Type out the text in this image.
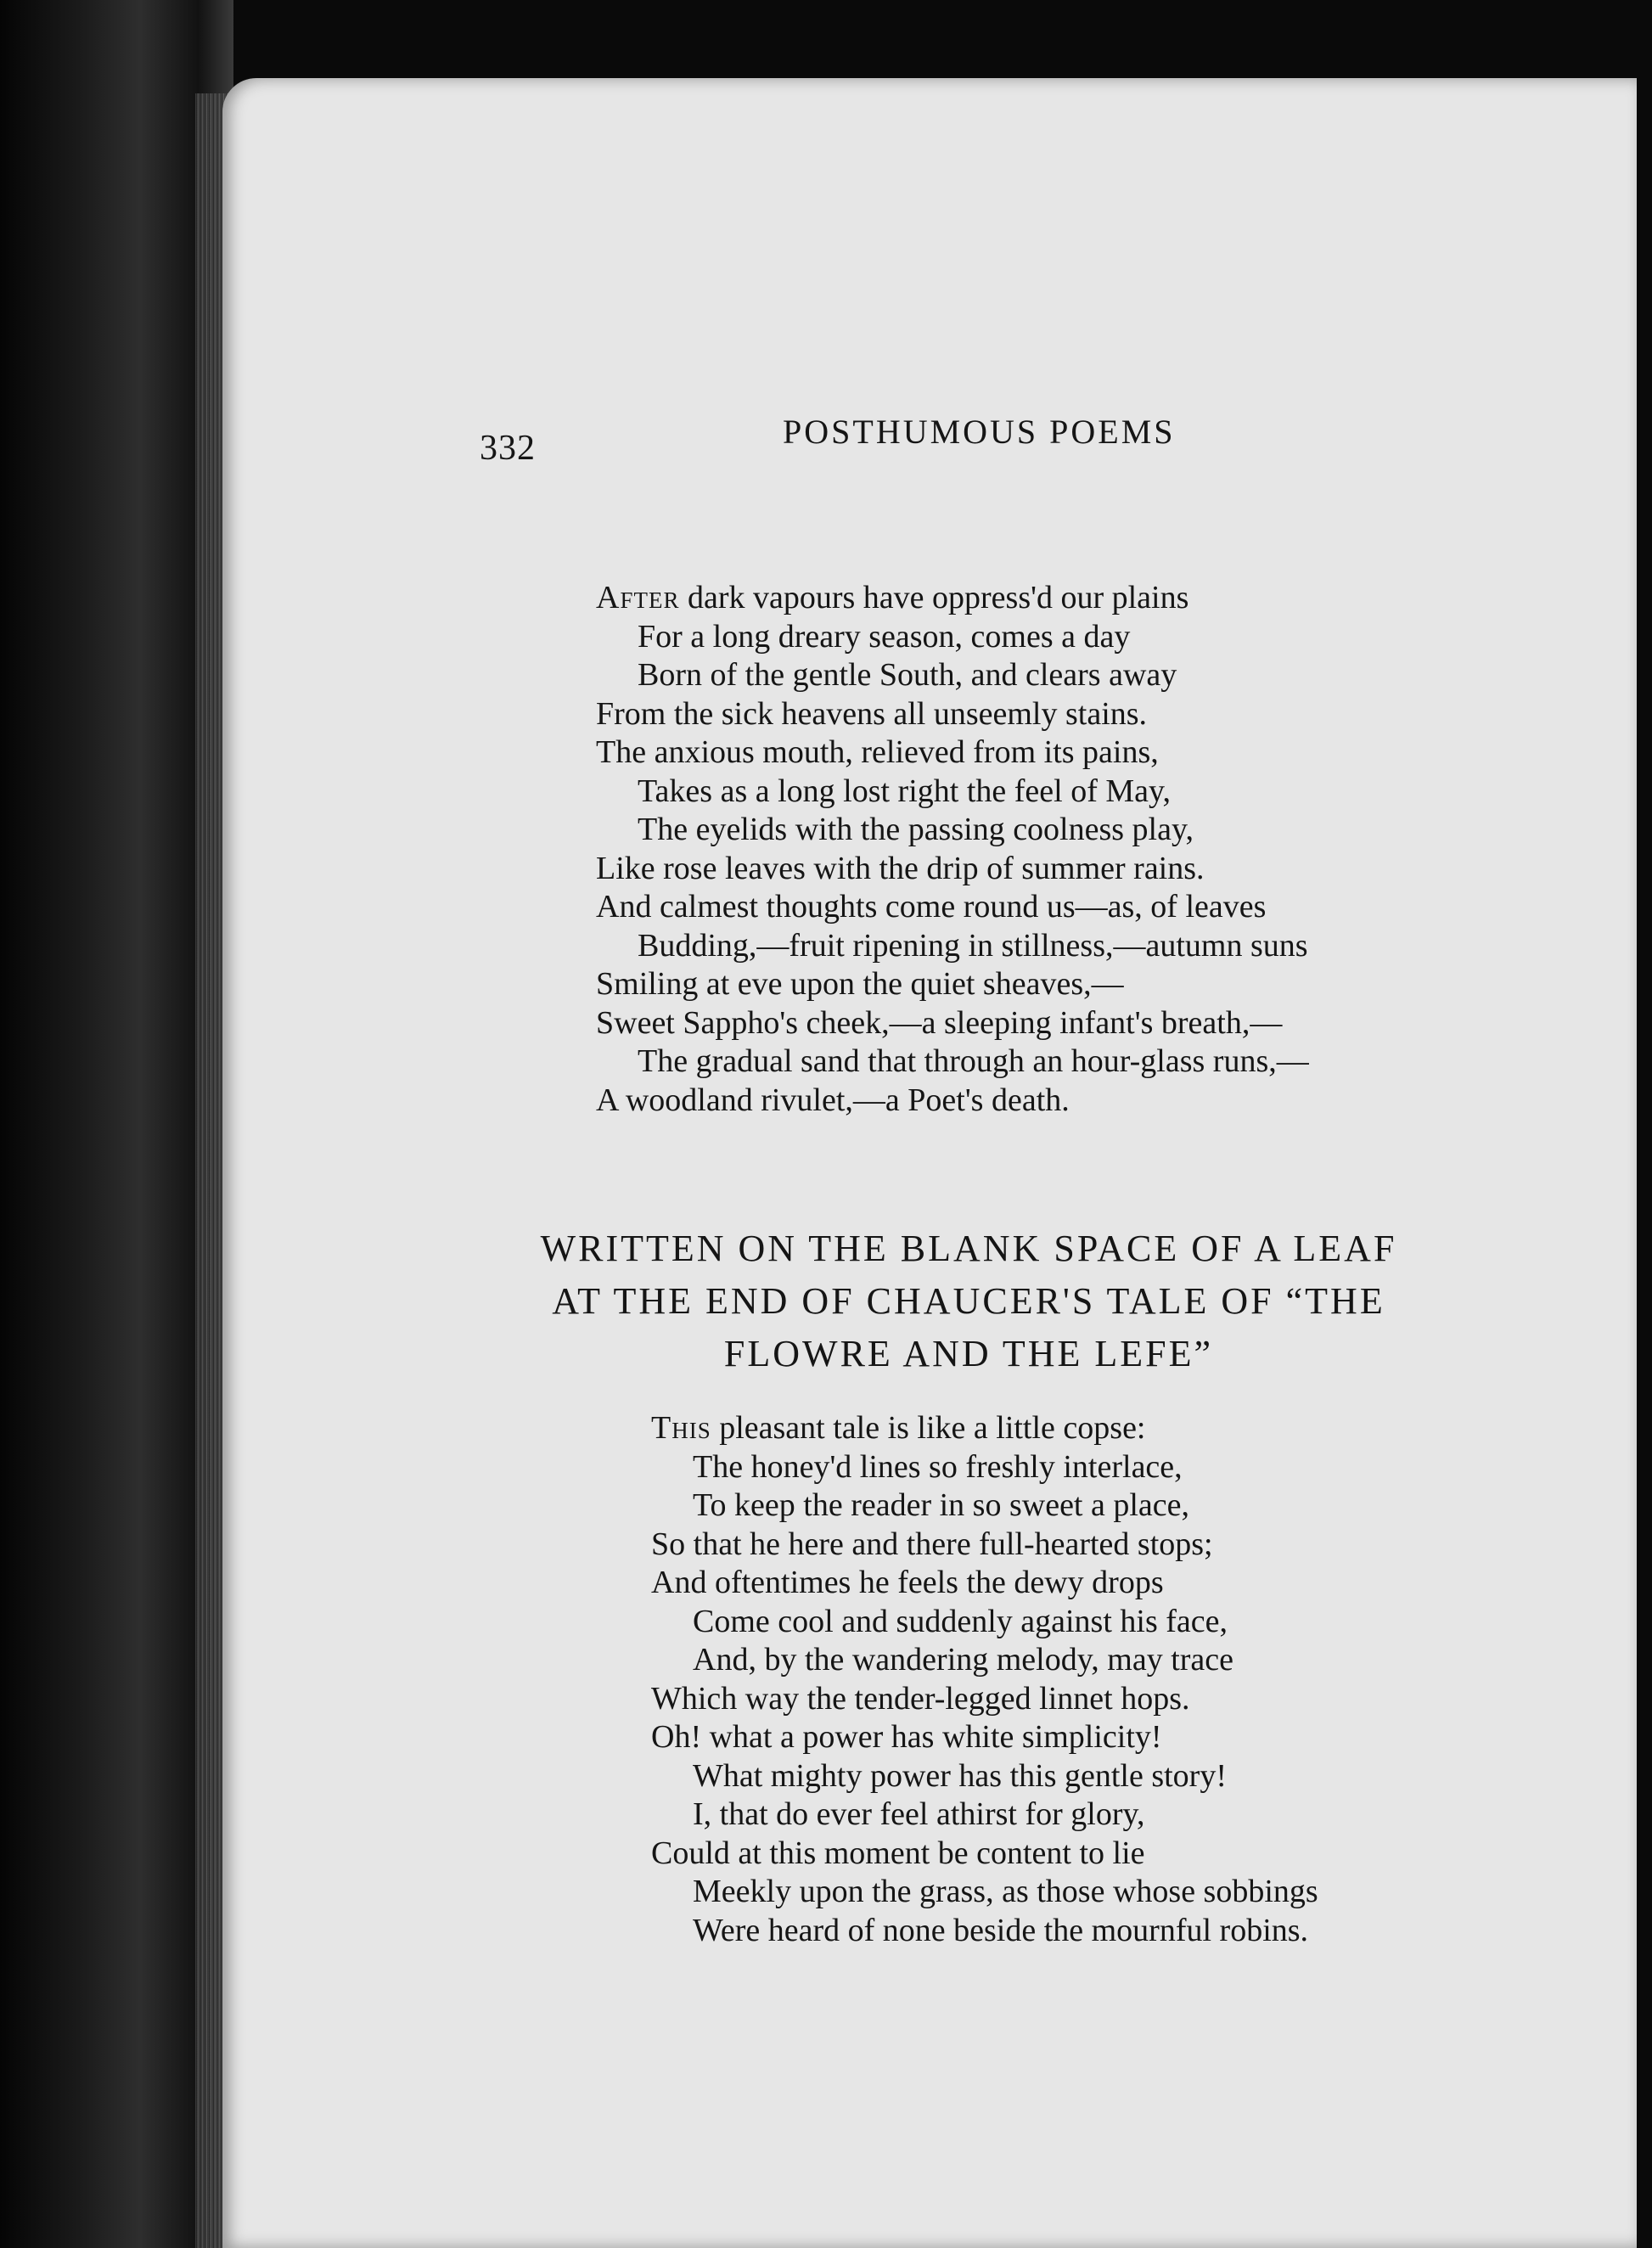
332	POSTHUMOUS POEMS
After dark vapours have oppress'd our plains
For a long dreary season, comes a day
Born of the gentle South, and clears away
From the sick heavens all unseemly stains.
The anxious mouth, relieved from its pains,
Takes as a long lost right the feel of May,
The eyelids with the passing coolness play,
Like rose leaves with the drip of summer rains.
And calmest thoughts come round us—as, of leaves
Budding,—fruit ripening in stillness,—autumn suns
Smiling at eve upon the quiet sheaves,—
Sweet Sappho's cheek,—a sleeping infant's breath,—
The gradual sand that through an hour-glass runs,—
A woodland rivulet,—a Poet's death.
WRITTEN ON THE BLANK SPACE OF A LEAF
AT THE END OF CHAUCER'S TALE OF “THE
FLOWRE AND THE LEFE”
This pleasant tale is like a little copse:
The honey'd lines so freshly interlace,
To keep the reader in so sweet a place,
So that he here and there full-hearted stops;
And oftentimes he feels the dewy drops
Come cool and suddenly against his face,
And, by the wandering melody, may trace
Which way the tender-legged linnet hops.
Oh! what a power has white simplicity!
What mighty power has this gentle story!
I, that do ever feel athirst for glory,
Could at this moment be content to lie
Meekly upon the grass, as those whose sobbings
Were heard of none beside the mournful robins.
